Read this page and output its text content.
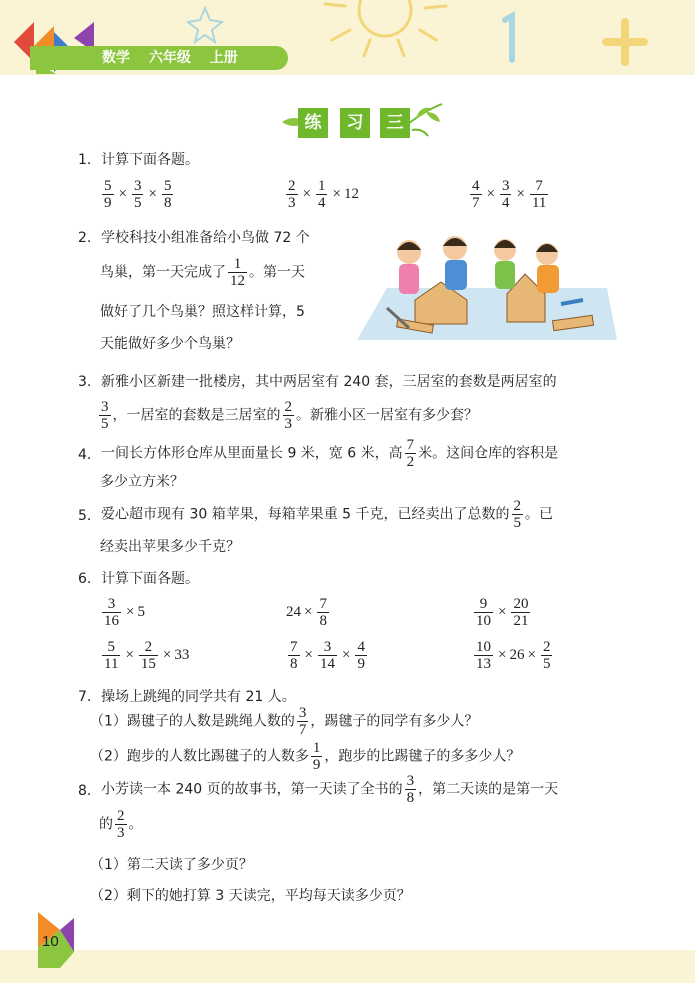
数学 六年级 上册
练	习	三
1. 计算下面各题。
$\frac{5}{9} \times \frac{3}{5} \times \frac{5}{8}$	$\frac{2}{3} \times \frac{1}{4} \times 12$	$\frac{4}{7} \times \frac{3}{4} \times \frac{7}{11}$
2. 学校科技小组准备给小鸟做 72 个
鸟巢，第一天完成了 $\frac{1}{12}$ 。第一天
做好了几个鸟巢？照这样计算，5
天能做好多少个鸟巢？
3. 新雅小区新建一批楼房，其中两居室有 240 套，三居室的套数是两居室的
$\frac{3}{5}$ ，一居室的套数是三居室的 $\frac{2}{3}$ 。新雅小区一居室有多少套？
4. 一间长方体形仓库从里面量长 9 米，宽 6 米，高 $\frac{7}{2}$ 米。这间仓库的容积是
多少立方米？
5. 爱心超市现有 30 箱苹果，每箱苹果重 5 千克，已经卖出了总数的 $\frac{2}{5}$ 。已
经卖出苹果多少千克？
6. 计算下面各题。
$\frac{3}{16} \times 5$	$24 \times \frac{7}{8}$	$\frac{9}{10} \times \frac{20}{21}$
$\frac{5}{11} \times \frac{2}{15} \times 33$	$\frac{7}{8} \times \frac{3}{14} \times \frac{4}{9}$	$\frac{10}{13} \times 26 \times \frac{2}{5}$
7. 操场上跳绳的同学共有 21 人。
（1）踢毽子的人数是跳绳人数的 $\frac{3}{7}$ ，踢毽子的同学有多少人？
（2）跑步的人数比踢毽子的人数多 $\frac{1}{9}$ ，跑步的比踢毽子的多多少人？
8. 小芳读一本 240 页的故事书，第一天读了全书的 $\frac{3}{8}$ ，第二天读的是第一天
的 $\frac{2}{3}$ 。
（1）第二天读了多少页？
（2）剩下的她打算 3 天读完，平均每天读多少页？
10
